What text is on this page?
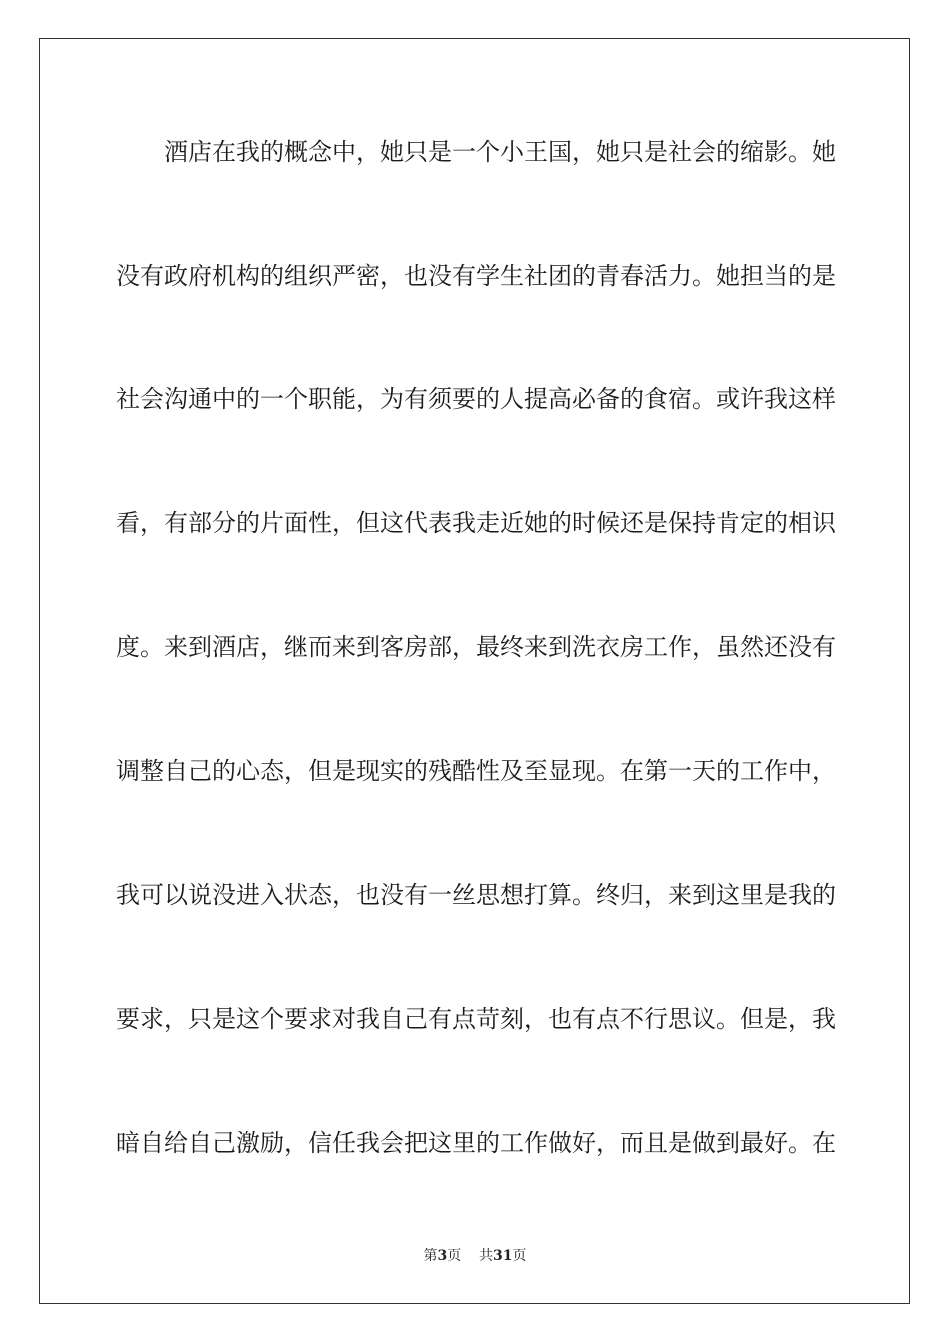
酒店在我的概念中，她只是一个小王国，她只是社会的缩影。她
没有政府机构的组织严密，也没有学生社团的青春活力。她担当的是
社会沟通中的一个职能，为有须要的人提高必备的食宿。或许我这样
看，有部分的片面性，但这代表我走近她的时候还是保持肯定的相识
度。来到酒店，继而来到客房部，最终来到洗衣房工作，虽然还没有
调整自己的心态，但是现实的残酷性及至显现。在第一天的工作中，
我可以说没进入状态，也没有一丝思想打算。终归，来到这里是我的
要求，只是这个要求对我自己有点苛刻，也有点不行思议。但是，我
暗自给自己激励，信任我会把这里的工作做好，而且是做到最好。在
第3页 共31页
